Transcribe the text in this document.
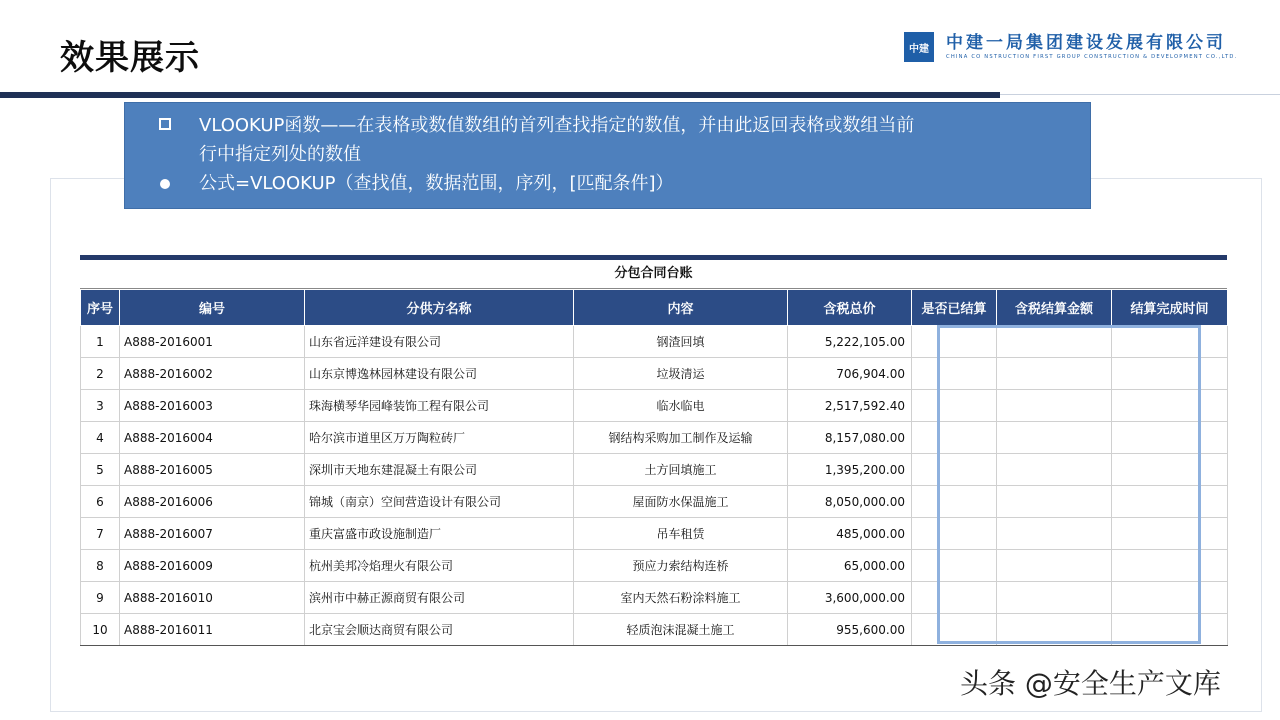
效果展示	中建 中建一局集团建设发展有限公司
CHINA CO NSTRUCTION FIRST GROUP CONSTRUCTION & DEVELOPMENT CO.,LTD.
VLOOKUP函数——在表格或数值数组的首列查找指定的数值，并由此返回表格或数组当前
行中指定列处的数值
公式=VLOOKUP（查找值，数据范围，序列，[匹配条件]）
分包合同台账
序号	编号	分供方名称	内容	含税总价	是否已结算	含税结算金额	结算完成时间
1	A888-2016001	山东省远洋建设有限公司	钢渣回填	5,222,105.00			
2	A888-2016002	山东京博逸林园林建设有限公司	垃圾清运	706,904.00			
3	A888-2016003	珠海横琴华园峰装饰工程有限公司	临水临电	2,517,592.40			
4	A888-2016004	哈尔滨市道里区万万陶粒砖厂	钢结构采购加工制作及运输	8,157,080.00			
5	A888-2016005	深圳市天地东建混凝土有限公司	土方回填施工	1,395,200.00			
6	A888-2016006	锦城（南京）空间营造设计有限公司	屋面防水保温施工	8,050,000.00			
7	A888-2016007	重庆富盛市政设施制造厂	吊车租赁	485,000.00			
8	A888-2016009	杭州美邦冷焰理火有限公司	预应力索结构连桥	65,000.00			
9	A888-2016010	滨州市中赫正源商贸有限公司	室内天然石粉涂料施工	3,600,000.00			
10	A888-2016011	北京宝会顺达商贸有限公司	轻质泡沫混凝土施工	955,600.00			
头条 @安全生产文库
